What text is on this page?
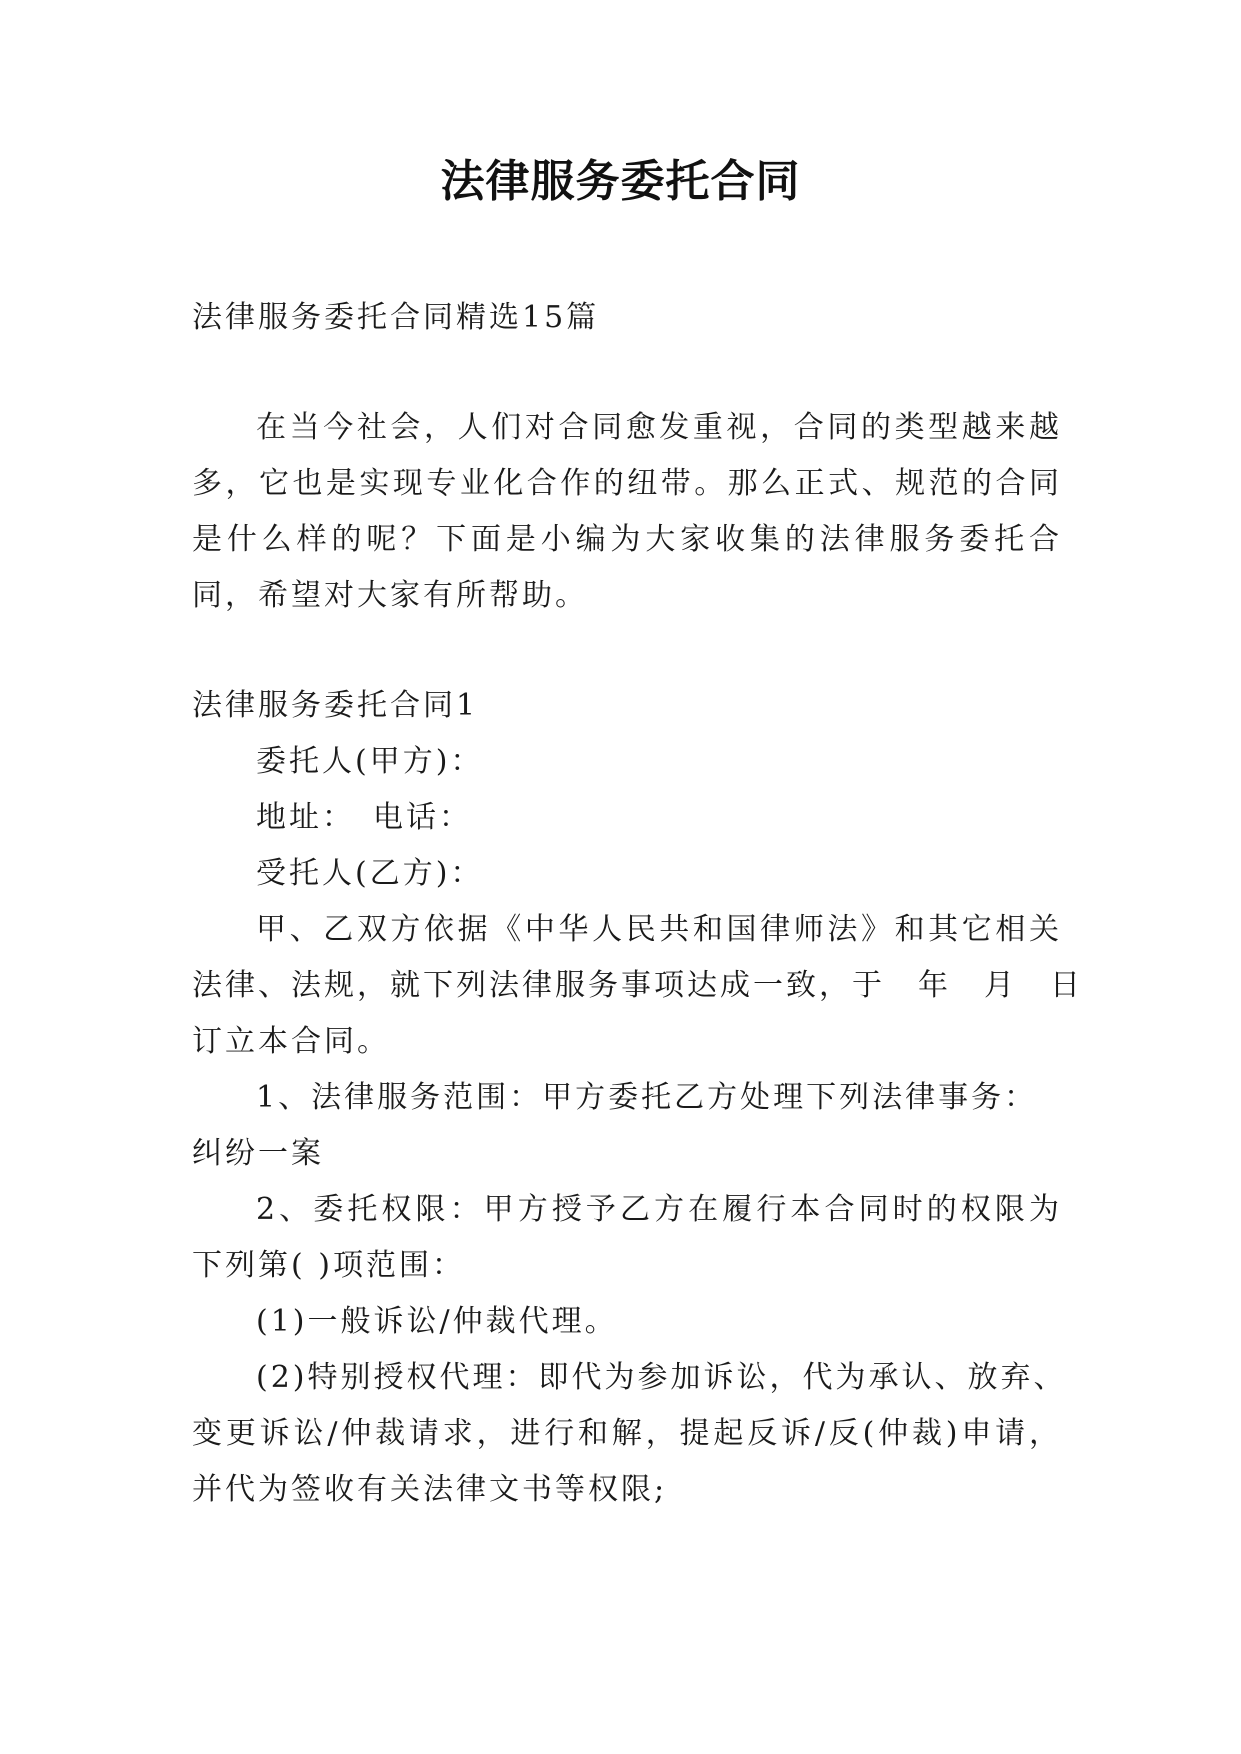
法律服务委托合同
法律服务委托合同精选15篇
在当今社会，人们对合同愈发重视，合同的类型越来越
多，它也是实现专业化合作的纽带。那么正式、规范的合同
是什么样的呢？下面是小编为大家收集的法律服务委托合
同，希望对大家有所帮助。
法律服务委托合同1
委托人(甲方)：
地址：　电话：
受托人(乙方)：
甲、乙双方依据《中华人民共和国律师法》和其它相关
法律、法规，就下列法律服务事项达成一致，于　年　月　日
订立本合同。
1、法律服务范围：甲方委托乙方处理下列法律事务：
纠纷一案
2、委托权限：甲方授予乙方在履行本合同时的权限为
下列第( )项范围：
(1)一般诉讼/仲裁代理。
(2)特别授权代理：即代为参加诉讼，代为承认、放弃、
变更诉讼/仲裁请求，进行和解，提起反诉/反(仲裁)申请，
并代为签收有关法律文书等权限;
